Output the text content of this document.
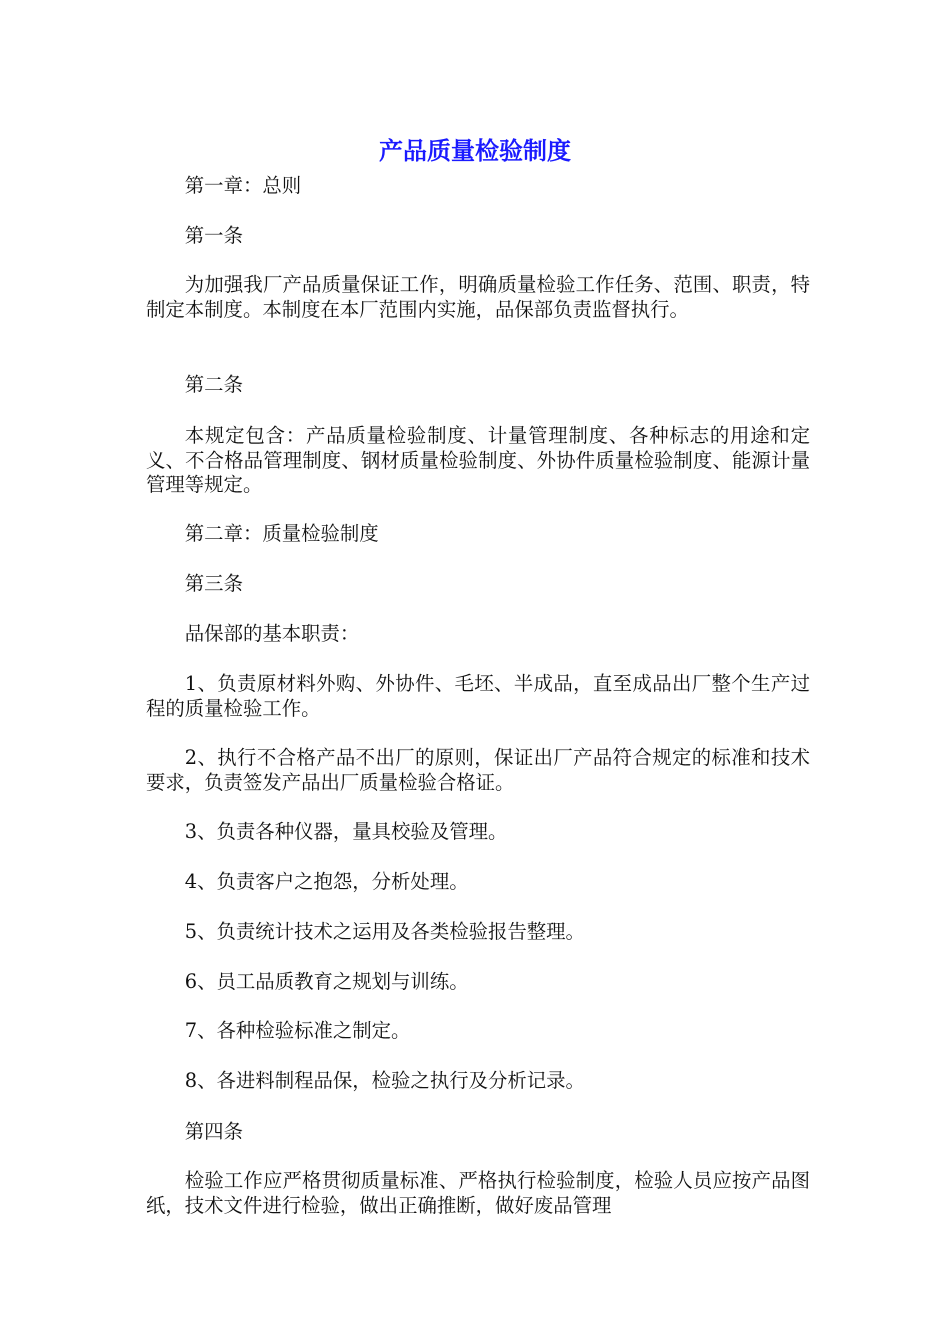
产品质量检验制度

第一章：总则

第一条

为加强我厂产品质量保证工作，明确质量检验工作任务、范围、职责，特制定本制度。本制度在本厂范围内实施，品保部负责监督执行。

第二条

本规定包含：产品质量检验制度、计量管理制度、各种标志的用途和定义、不合格品管理制度、钢材质量检验制度、外协件质量检验制度、能源计量管理等规定。

第二章：质量检验制度

第三条

品保部的基本职责：

1、负责原材料外购、外协件、毛坯、半成品，直至成品出厂整个生产过程的质量检验工作。

2、执行不合格产品不出厂的原则，保证出厂产品符合规定的标准和技术要求，负责签发产品出厂质量检验合格证。

3、负责各种仪器，量具校验及管理。

4、负责客户之抱怨，分析处理。

5、负责统计技术之运用及各类检验报告整理。

6、员工品质教育之规划与训练。

7、各种检验标准之制定。

8、各进料制程品保，检验之执行及分析记录。

第四条

检验工作应严格贯彻质量标准、严格执行检验制度，检验人员应按产品图纸，技术文件进行检验，做出正确推断，做好废品管理
